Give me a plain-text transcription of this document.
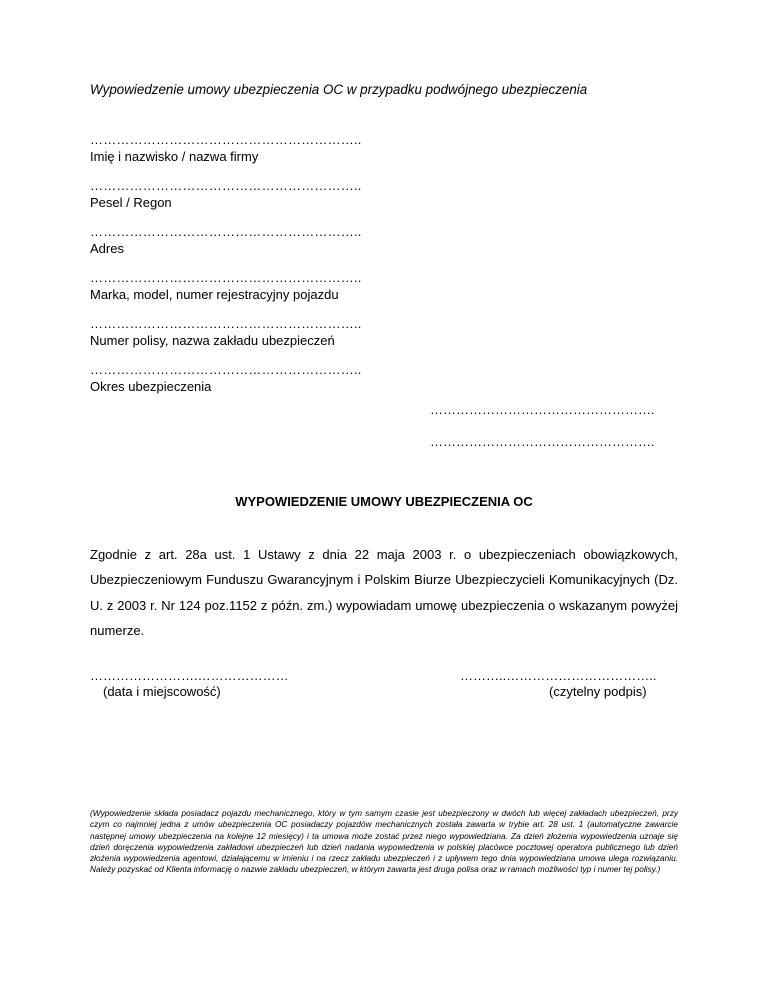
Wypowiedzenie umowy ubezpieczenia OC w przypadku podwójnego ubezpieczenia
……………………………………………………..
Imię i nazwisko / nazwa firmy
……………………………………………………..
Pesel / Regon
……………………………………………………..
Adres
……………………………………………………..
Marka, model, numer rejestracyjny pojazdu
……………………………………………………..
Numer polisy, nazwa zakładu ubezpieczeń
……………………………………………………..
Okres ubezpieczenia
…………………………………………….
…………………………………………….
WYPOWIEDZENIE UMOWY UBEZPIECZENIA OC
Zgodnie z art. 28a ust. 1 Ustawy z dnia 22 maja 2003 r. o ubezpieczeniach obowiązkowych, Ubezpieczeniowym Funduszu Gwarancyjnym i Polskim Biurze Ubezpieczycieli Komunikacyjnych (Dz. U. z 2003 r. Nr 124 poz.1152 z późn. zm.) wypowiadam umowę ubezpieczenia o wskazanym powyżej numerze.
…………………….…………………
(data i miejscowość)
………..……………………………..
(czytelny podpis)
(Wypowiedzenie składa posiadacz pojazdu mechanicznego, który w tym samym czasie jest ubezpieczony w dwóch lub więcej zakładach ubezpieczeń, przy czym co najmniej jedna z umów ubezpieczenia OC posiadaczy pojazdów mechanicznych została zawarta w trybie art. 28 ust. 1 (automatyczne zawarcie następnej umowy ubezpieczenia na kolejne 12 miesięcy) i ta umowa może zostać przez niego wypowiedziana. Za dzień złożenia wypowiedzenia uznaje się dzień doręczenia wypowiedzenia zakładowi ubezpieczeń lub dzień nadania wypowiedzenia w polskiej placówce pocztowej operatora publicznego lub dzień złożenia wypowiedzenia agentowi, działającemu w imieniu i na rzecz zakładu ubezpieczeń i z upływem tego dnia wypowiedziana umowa ulega rozwiązaniu. Należy pozyskać od Klienta informację o nazwie zakładu ubezpieczeń, w którym zawarta jest druga polisa oraz w ramach możliwości typ i numer tej polisy.)
